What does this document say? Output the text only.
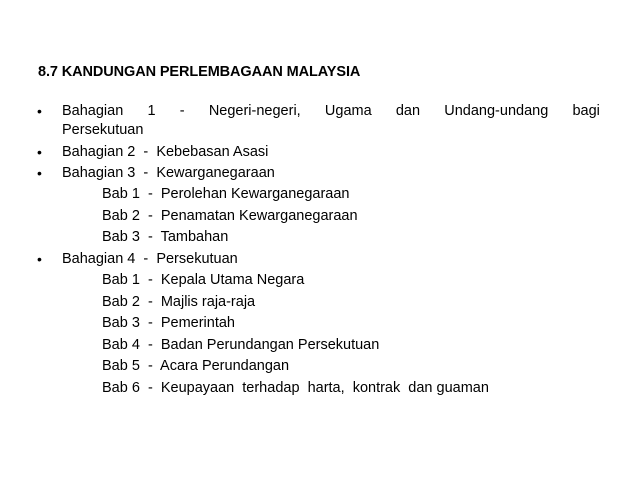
8.7 KANDUNGAN PERLEMBAGAAN MALAYSIA
• Bahagian 1 - Negeri-negeri, Ugama dan Undang-undang bagi
Persekutuan
• Bahagian 2  -  Kebebasan Asasi
• Bahagian 3  -  Kewarganegaraan
Bab 1  -  Perolehan Kewarganegaraan
Bab 2  -  Penamatan Kewarganegaraan
Bab 3  -  Tambahan
• Bahagian 4  -  Persekutuan
Bab 1  -  Kepala Utama Negara
Bab 2  -  Majlis raja-raja
Bab 3  -  Pemerintah
Bab 4  -  Badan Perundangan Persekutuan
Bab 5  -  Acara Perundangan
Bab 6  -  Keupayaan  terhadap  harta,  kontrak  dan guaman
